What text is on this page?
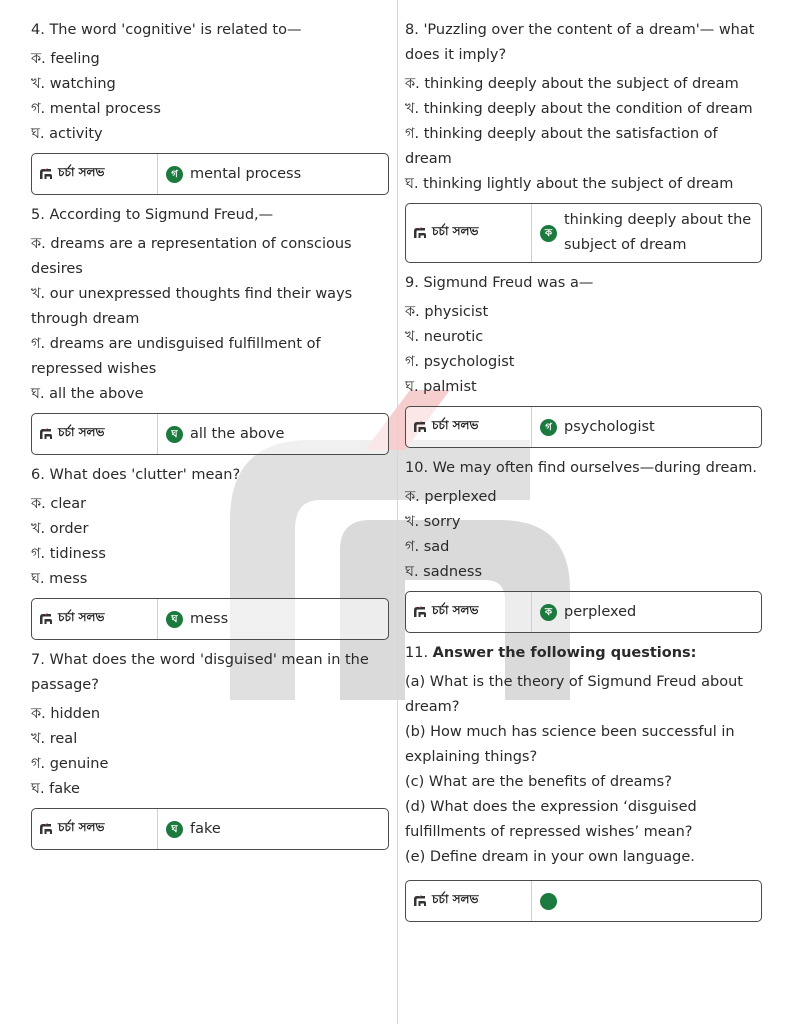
4. The word 'cognitive' is related to—
ক. feeling
খ. watching
গ. mental process
ঘ. activity
চর্চা সলভ	গ mental process
5. According to Sigmund Freud,—
ক. dreams are a representation of conscious desires
খ. our unexpressed thoughts find their ways through dream
গ. dreams are undisguised fulfillment of repressed wishes
ঘ. all the above
চর্চা সলভ	ঘ all the above
6. What does 'clutter' mean?
ক. clear
খ. order
গ. tidiness
ঘ. mess
চর্চা সলভ	ঘ mess
7. What does the word 'disguised' mean in the passage?
ক. hidden
খ. real
গ. genuine
ঘ. fake
চর্চা সলভ	ঘ fake
8. 'Puzzling over the content of a dream'— what does it imply?
ক. thinking deeply about the subject of dream
খ. thinking deeply about the condition of dream
গ. thinking deeply about the satisfaction of dream
ঘ. thinking lightly about the subject of dream
চর্চা সলভ	ক
thinking deeply about the subject of dream
9. Sigmund Freud was a—
ক. physicist
খ. neurotic
গ. psychologist
ঘ. palmist
চর্চা সলভ	গ psychologist
10. We may often find ourselves—during dream.
ক. perplexed
খ. sorry
গ. sad
ঘ. sadness
চর্চা সলভ	ক perplexed
11. Answer the following questions:
(a) What is the theory of Sigmund Freud about dream?
(b) How much has science been successful in explaining things?
(c) What are the benefits of dreams?
(d) What does the expression ‘disguised fulfillments of repressed wishes’ mean?
(e) Define dream in your own language.
চর্চা সলভ
